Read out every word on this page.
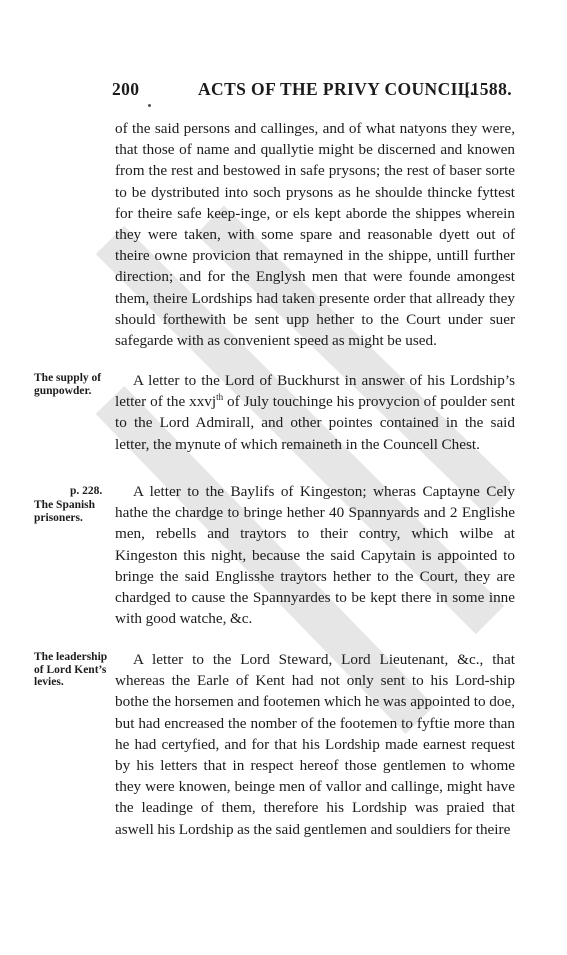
200	ACTS OF THE PRIVY COUNCIL.
[1588.
of the said persons and callinges, and of what natyons they were, that those of name and quallytie might be discerned and knowen from the rest and bestowed in safe prysons; the rest of baser sorte to be dystributed into soch prysons as he shoulde thincke fyttest for theire safe keep-inge, or els kept aborde the shippes wherein they were taken, with some spare and reasonable dyett out of theire owne provicion that remayned in the shippe, untill further direction; and for the Englysh men that were founde amongest them, theire Lordships had taken presente order that allready they should forthewith be sent upp hether to the Court under suer safegarde with as convenient speed as might be used.
The supply of gunpowder.
A letter to the Lord of Buckhurst in answer of his Lordship’s letter of the xxvj$^{th}$ of July touchinge his provycion of poulder sent to the Lord Admirall, and other pointes contained in the said letter, the mynute of which remaineth in the Councell Chest.
p. 228.
The Spanish prisoners.
A letter to the Baylifs of Kingeston; wheras Captayne Cely hathe the chardge to bringe hether 40 Spannyards and 2 Englishe men, rebells and traytors to their contry, which wilbe at Kingeston this night, because the said Capytain is appointed to bringe the said Englisshe traytors hether to the Court, they are chardged to cause the Spannyardes to be kept there in some inne with good watche, &c.
The leadership of Lord Kent’s levies.
A letter to the Lord Steward, Lord Lieutenant, &c., that whereas the Earle of Kent had not only sent to his Lord-ship bothe the horsemen and footemen which he was appointed to doe, but had encreased the nomber of the footemen to fyftie more than he had certyfied, and for that his Lordship made earnest request by his letters that in respect hereof those gentlemen to whome they were knowen, beinge men of vallor and callinge, might have the leadinge of them, therefore his Lordship was praied that aswell his Lordship as the said gentlemen and souldiers for theire
